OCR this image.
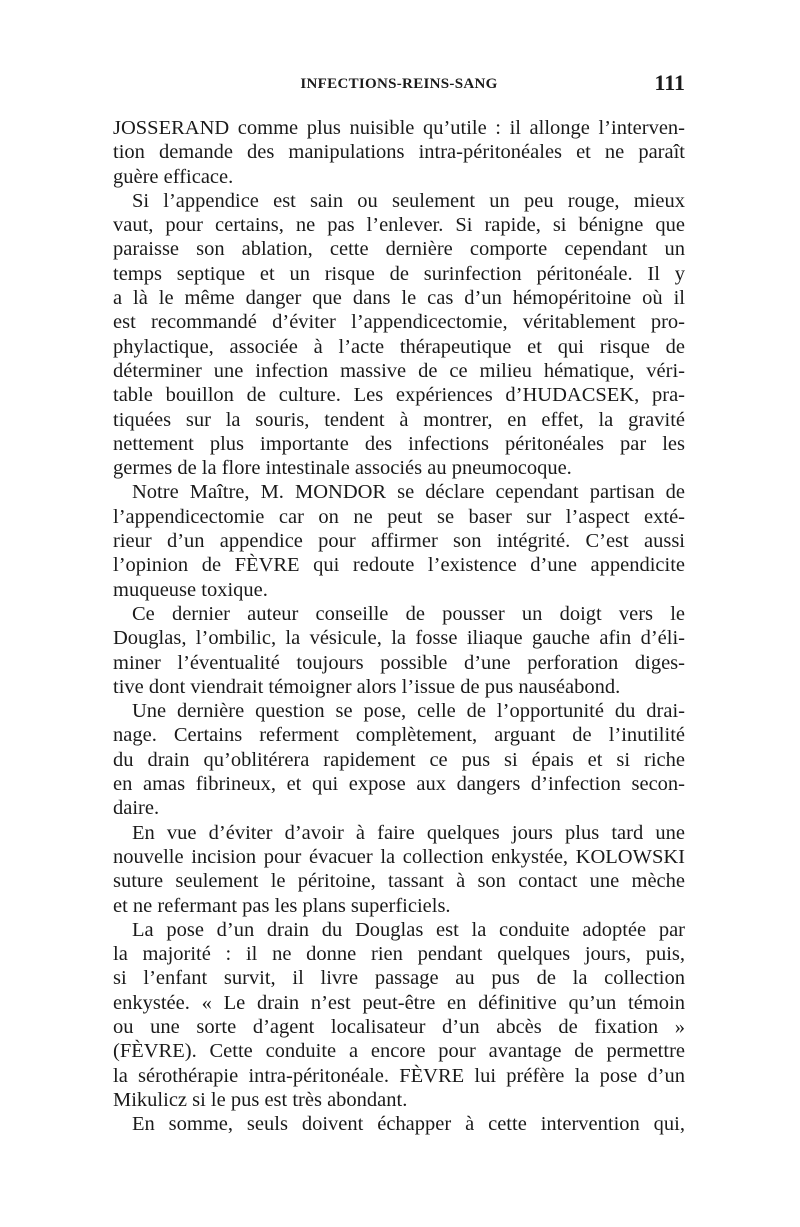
INFECTIONS-REINS-SANG	111
JOSSERAND comme plus nuisible qu’utile : il allonge l’interven-
tion demande des manipulations intra-péritonéales et ne paraît
guère efficace.
Si l’appendice est sain ou seulement un peu rouge, mieux
vaut, pour certains, ne pas l’enlever. Si rapide, si bénigne que
paraisse son ablation, cette dernière comporte cependant un
temps septique et un risque de surinfection péritonéale. Il y
a là le même danger que dans le cas d’un hémopéritoine où il
est recommandé d’éviter l’appendicectomie, véritablement pro-
phylactique, associée à l’acte thérapeutique et qui risque de
déterminer une infection massive de ce milieu hématique, véri-
table bouillon de culture. Les expériences d’HUDACSEK, pra-
tiquées sur la souris, tendent à montrer, en effet, la gravité
nettement plus importante des infections péritonéales par les
germes de la flore intestinale associés au pneumocoque.
Notre Maître, M. MONDOR se déclare cependant partisan de
l’appendicectomie car on ne peut se baser sur l’aspect exté-
rieur d’un appendice pour affirmer son intégrité. C’est aussi
l’opinion de FÈVRE qui redoute l’existence d’une appendicite
muqueuse toxique.
Ce dernier auteur conseille de pousser un doigt vers le
Douglas, l’ombilic, la vésicule, la fosse iliaque gauche afin d’éli-
miner l’éventualité toujours possible d’une perforation diges-
tive dont viendrait témoigner alors l’issue de pus nauséabond.
Une dernière question se pose, celle de l’opportunité du drai-
nage. Certains referment complètement, arguant de l’inutilité
du drain qu’oblitérera rapidement ce pus si épais et si riche
en amas fibrineux, et qui expose aux dangers d’infection secon-
daire.
En vue d’éviter d’avoir à faire quelques jours plus tard une
nouvelle incision pour évacuer la collection enkystée, KOLOWSKI
suture seulement le péritoine, tassant à son contact une mèche
et ne refermant pas les plans superficiels.
La pose d’un drain du Douglas est la conduite adoptée par
la majorité : il ne donne rien pendant quelques jours, puis,
si l’enfant survit, il livre passage au pus de la collection
enkystée. « Le drain n’est peut-être en définitive qu’un témoin
ou une sorte d’agent localisateur d’un abcès de fixation »
(FÈVRE). Cette conduite a encore pour avantage de permettre
la sérothérapie intra-péritonéale. FÈVRE lui préfère la pose d’un
Mikulicz si le pus est très abondant.
En somme, seuls doivent échapper à cette intervention qui,
